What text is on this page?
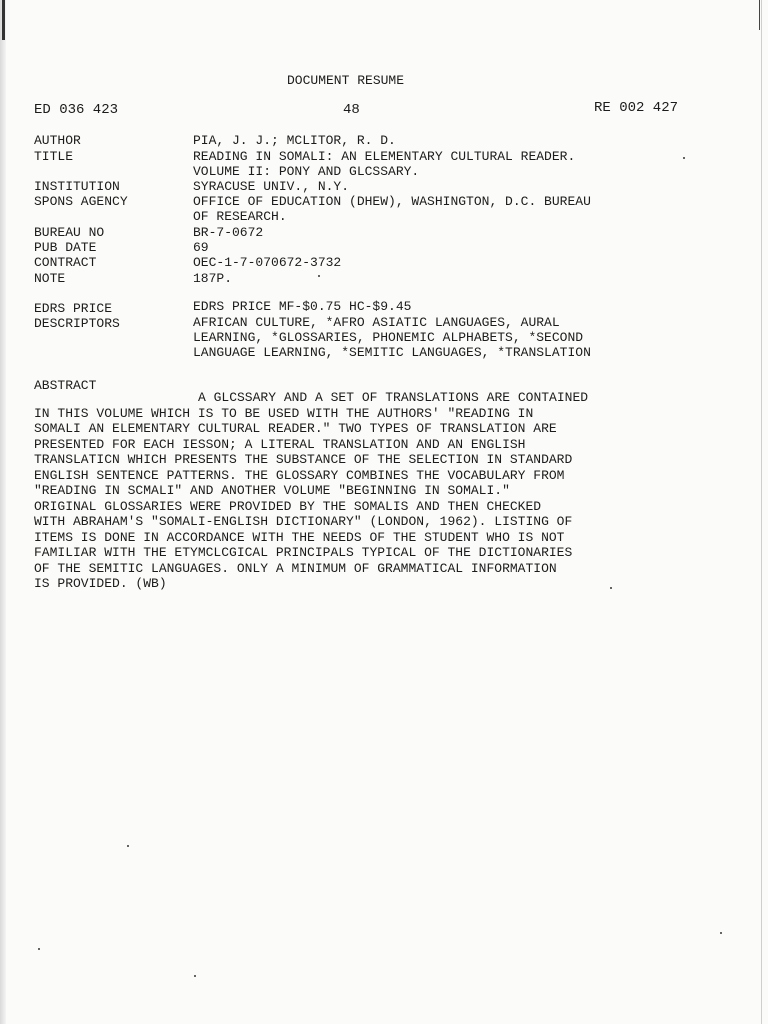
DOCUMENT RESUME
ED 036 423	48	RE 002 427
AUTHOR	PIA, J. J.; MCLITOR, R. D.
TITLE	READING IN SOMALI: AN ELEMENTARY CULTURAL READER.
VOLUME II: PONY AND GLCSSARY.
INSTITUTION	SYRACUSE UNIV., N.Y.
SPONS AGENCY	OFFICE OF EDUCATION (DHEW), WASHINGTON, D.C. BUREAU
OF RESEARCH.
BUREAU NO	BR-7-0672
PUB DATE	69
CONTRACT	OEC-1-7-070672-3732
NOTE	187P.
EDRS PRICE	EDRS PRICE MF-$0.75 HC-$9.45
DESCRIPTORS	AFRICAN CULTURE, *AFRO ASIATIC LANGUAGES, AURAL
LEARNING, *GLOSSARIES, PHONEMIC ALPHABETS, *SECOND
LANGUAGE LEARNING, *SEMITIC LANGUAGES, *TRANSLATION
ABSTRACT
A GLCSSARY AND A SET OF TRANSLATIONS ARE CONTAINED
IN THIS VOLUME WHICH IS TO BE USED WITH THE AUTHORS' "READING IN
SOMALI AN ELEMENTARY CULTURAL READER." TWO TYPES OF TRANSLATION ARE
PRESENTED FOR EACH IESSON; A LITERAL TRANSLATION AND AN ENGLISH
TRANSLATICN WHICH PRESENTS THE SUBSTANCE OF THE SELECTION IN STANDARD
ENGLISH SENTENCE PATTERNS. THE GLOSSARY COMBINES THE VOCABULARY FROM
"READING IN SCMALI" AND ANOTHER VOLUME "BEGINNING IN SOMALI."
ORIGINAL GLOSSARIES WERE PROVIDED BY THE SOMALIS AND THEN CHECKED
WITH ABRAHAM'S "SOMALI-ENGLISH DICTIONARY" (LONDON, 1962). LISTING OF
ITEMS IS DONE IN ACCORDANCE WITH THE NEEDS OF THE STUDENT WHO IS NOT
FAMILIAR WITH THE ETYMCLCGICAL PRINCIPALS TYPICAL OF THE DICTIONARIES
OF THE SEMITIC LANGUAGES. ONLY A MINIMUM OF GRAMMATICAL INFORMATION
IS PROVIDED. (WB)
